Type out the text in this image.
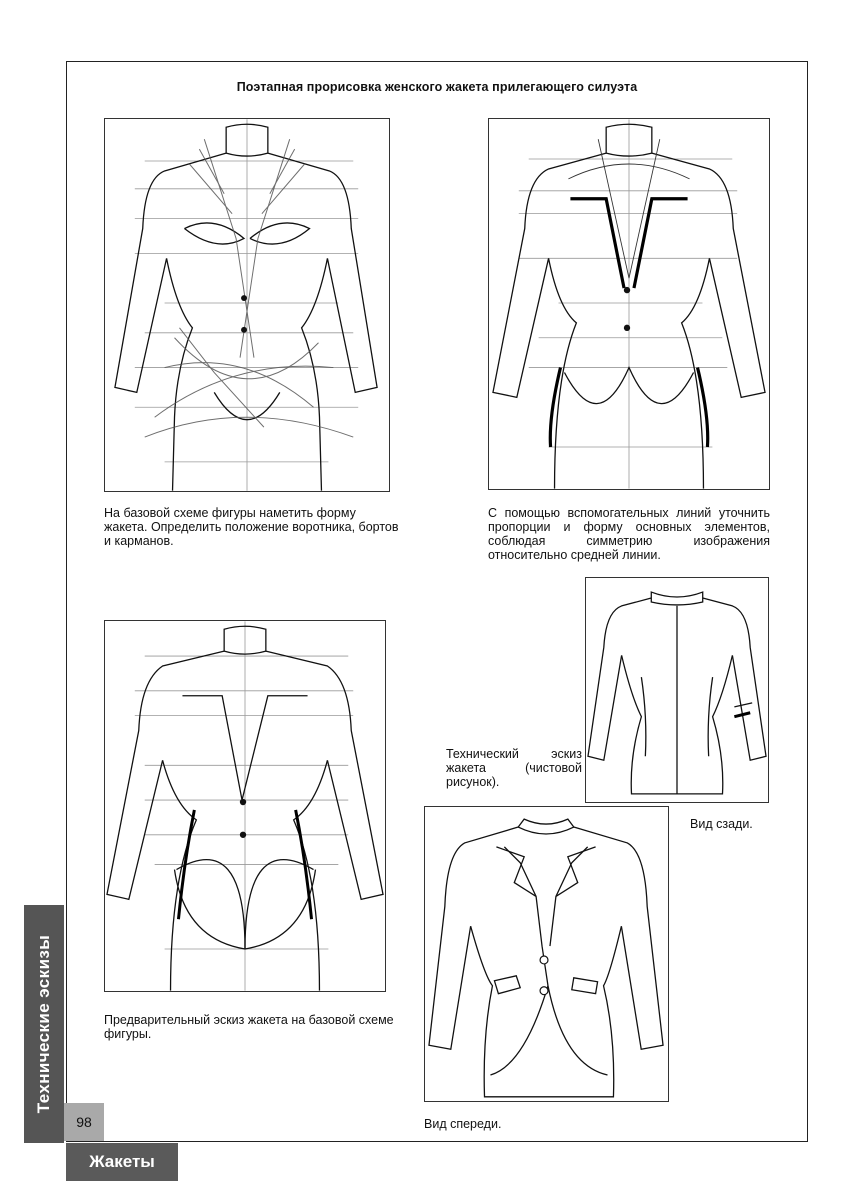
Поэтапная прорисовка женского жакета прилегающего силуэта
На базовой схеме фигуры наметить форму жакета. Определить положение воротника, бортов и карманов.
С помощью вспомогательных линий уточнить пропорции и форму основных элементов, соблюдая симметрию изображения относительно средней линии.
Предварительный эскиз жакета на базовой схеме фигуры.
Технический эскиз жакета (чистовой рисунок).
Вид сзади.
Вид спереди.
Технические эскизы
98
Жакеты
